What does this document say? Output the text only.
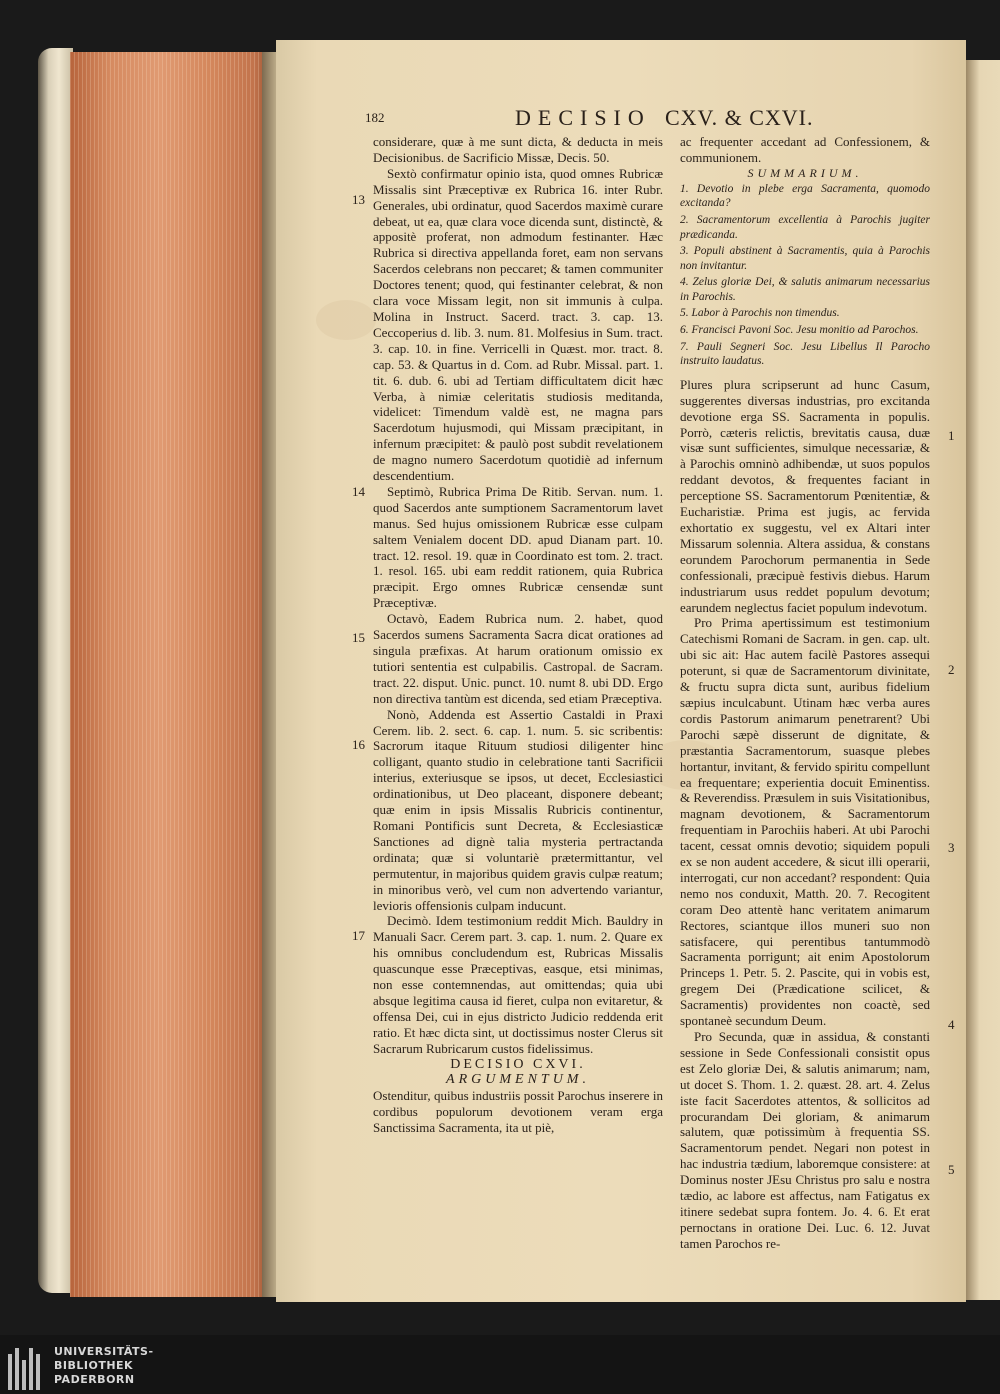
182	DECISIO CXV. & CXVI.

considerare, quæ à me sunt dicta, & deducta in meis Decisionibus. de Sacrificio Missæ, Decis. 50.

Sextò confirmatur opinio ista, quod omnes Rubricæ Missalis sint Præceptivæ ex Rubrica 16. inter Rubr. Generales, ubi ordinatur, quod Sacerdos maximè curare debeat, ut ea, quæ clara voce dicenda sunt, distinctè, & appositè proferat, non admodum festinanter. Hæc Rubrica si directiva appellanda foret, eam non servans Sacerdos celebrans non peccaret; & tamen communiter Doctores tenent; quod, qui festinanter celebrat, & non clara voce Missam legit, non sit immunis à culpa. Molina in Instruct. Sacerd. tract. 3. cap. 13. Ceccoperius d. lib. 3. num. 81. Molfesius in Sum. tract. 3. cap. 10. in fine. Verricelli in Quæst. mor. tract. 8. cap. 53. & Quartus in d. Com. ad Rubr. Missal. part. 1. tit. 6. dub. 6. ubi ad Tertiam difficultatem dicit hæc Verba, à nimiæ celeritatis studiosis meditanda, videlicet: Timendum valdè est, ne magna pars Sacerdotum hujusmodi, qui Missam præcipitant, in infernum præcipitet: & paulò post subdit revelationem de magno numero Sacerdotum quotidiè ad infernum descendentium.

Septimò, Rubrica Prima De Ritib. Servan. num. 1. quod Sacerdos ante sumptionem Sacramentorum lavet manus. Sed hujus omissionem Rubricæ esse culpam saltem Venialem docent DD. apud Dianam part. 10. tract. 12. resol. 19. quæ in Coordinato est tom. 2. tract. 1. resol. 165. ubi eam reddit rationem, quia Rubrica præcipit. Ergo omnes Rubricæ censendæ sunt Præceptivæ.

Octavò, Eadem Rubrica num. 2. habet, quod Sacerdos sumens Sacramenta Sacra dicat orationes ad singula præfixas. At harum orationum omissio ex tutiori sententia est culpabilis. Castropal. de Sacram. tract. 22. disput. Unic. punct. 10. numt 8. ubi DD. Ergo non directiva tantùm est dicenda, sed etiam Præceptiva.

Nonò, Addenda est Assertio Castaldi in Praxi Cerem. lib. 2. sect. 6. cap. 1. num. 5. sic scribentis: Sacrorum itaque Rituum studiosi diligenter hinc colligant, quanto studio in celebratione tanti Sacrificii interius, exteriusque se ipsos, ut decet, Ecclesiastici ordinationibus, ut Deo placeant, disponere debeant; quæ enim in ipsis Missalis Rubricis continentur, Romani Pontificis sunt Decreta, & Ecclesiasticæ Sanctiones ad dignè talia mysteria pertractanda ordinata; quæ si voluntariè prætermittantur, vel permutentur, in majoribus quidem gravis culpæ reatum; in minoribus verò, vel cum non advertendo variantur, levioris offensionis culpam inducunt.

Decimò. Idem testimonium reddit Mich. Bauldry in Manuali Sacr. Cerem part. 3. cap. 1. num. 2. Quare ex his omnibus concludendum est, Rubricas Missalis quascunque esse Præceptivas, easque, etsi minimas, non esse contemnendas, aut omittendas; quia ubi absque legitima causa id fieret, culpa non evitaretur, & offensa Dei, cui in ejus districto Judicio reddenda erit ratio. Et hæc dicta sint, ut doctissimus noster Clerus sit Sacrarum Rubricarum custos fidelissimus.

DECISIO CXVI.

ARGUMENTUM.

Ostenditur, quibus industriis possit Parochus inserere in cordibus populorum devotionem veram erga Sanctissima Sacramenta, ita ut piè,

ac frequenter accedant ad Confessionem, & communionem.

SUMMARIUM.

1. Devotio in plebe erga Sacramenta, quomodo excitanda?
2. Sacramentorum excellentia à Parochis jugiter prædicanda.
3. Populi abstinent à Sacramentis, quia à Parochis non invitantur.
4. Zelus gloriæ Dei, & salutis animarum necessarius in Parochis.
5. Labor à Parochis non timendus.
6. Francisci Pavoni Soc. Jesu monitio ad Parochos.
7. Pauli Segneri Soc. Jesu Libellus Il Parocho instruito laudatus.

Plures plura scripserunt ad hunc Casum, suggerentes diversas industrias, pro excitanda devotione erga SS. Sacramenta in populis. Porrò, cæteris relictis, brevitatis causa, duæ visæ sunt sufficientes, simulque necessariæ, & à Parochis omninò adhibendæ, ut suos populos reddant devotos, & frequentes faciant in perceptione SS. Sacramentorum Pœnitentiæ, & Eucharistiæ. Prima est jugis, ac fervida exhortatio ex suggestu, vel ex Altari inter Missarum solennia. Altera assidua, & constans eorundem Parochorum permanentia in Sede confessionali, præcipuè festivis diebus. Harum industriarum usus reddet populum devotum; earundem neglectus faciet populum indevotum.

Pro Prima apertissimum est testimonium Catechismi Romani de Sacram. in gen. cap. ult. ubi sic ait: Hac autem facilè Pastores assequi poterunt, si quæ de Sacramentorum divinitate, & fructu supra dicta sunt, auribus fidelium sæpius inculcabunt. Utinam hæc verba aures cordis Pastorum animarum penetrarent? Ubi Parochi sæpè disserunt de dignitate, & præstantia Sacramentorum, suasque plebes hortantur, invitant, & fervido spiritu compellunt ea frequentare; experientia docuit Eminentiss. & Reverendiss. Præsulem in suis Visitationibus, magnam devotionem, & Sacramentorum frequentiam in Parochiis haberi. At ubi Parochi tacent, cessat omnis devotio; siquidem populi ex se non audent accedere, & sicut illi operarii, interrogati, cur non accedant? respondent: Quia nemo nos conduxit, Matth. 20. 7. Recogitent coram Deo attentè hanc veritatem animarum Rectores, sciantque illos muneri suo non satisfacere, qui perentibus tantummodò Sacramenta porrigunt; ait enim Apostolorum Princeps 1. Petr. 5. 2. Pascite, qui in vobis est, gregem Dei (Prædicatione scilicet, & Sacramentis) providentes non coactè, sed spontaneè secundum Deum.

Pro Secunda, quæ in assidua, & constanti sessione in Sede Confessionali consistit opus est Zelo gloriæ Dei, & salutis animarum; nam, ut docet S. Thom. 1. 2. quæst. 28. art. 4. Zelus iste facit Sacerdotes attentos, & sollicitos ad procurandam Dei gloriam, & animarum salutem, quæ potissimùm à frequentia SS. Sacramentorum pendet. Negari non potest in hac industria tædium, laboremque consistere: at Dominus noster JEsu Christus pro salu e nostra tædio, ac labore est affectus, nam Fatigatus ex itinere sedebat supra fontem. Jo. 4. 6. Et erat pernoctans in oratione Dei. Luc. 6. 12. Juvat tamen Parochos re-

13
14
15
16
17
1
2
3
4
5
UNIVERSITÄTS-
BIBLIOTHEK
PADERBORN
